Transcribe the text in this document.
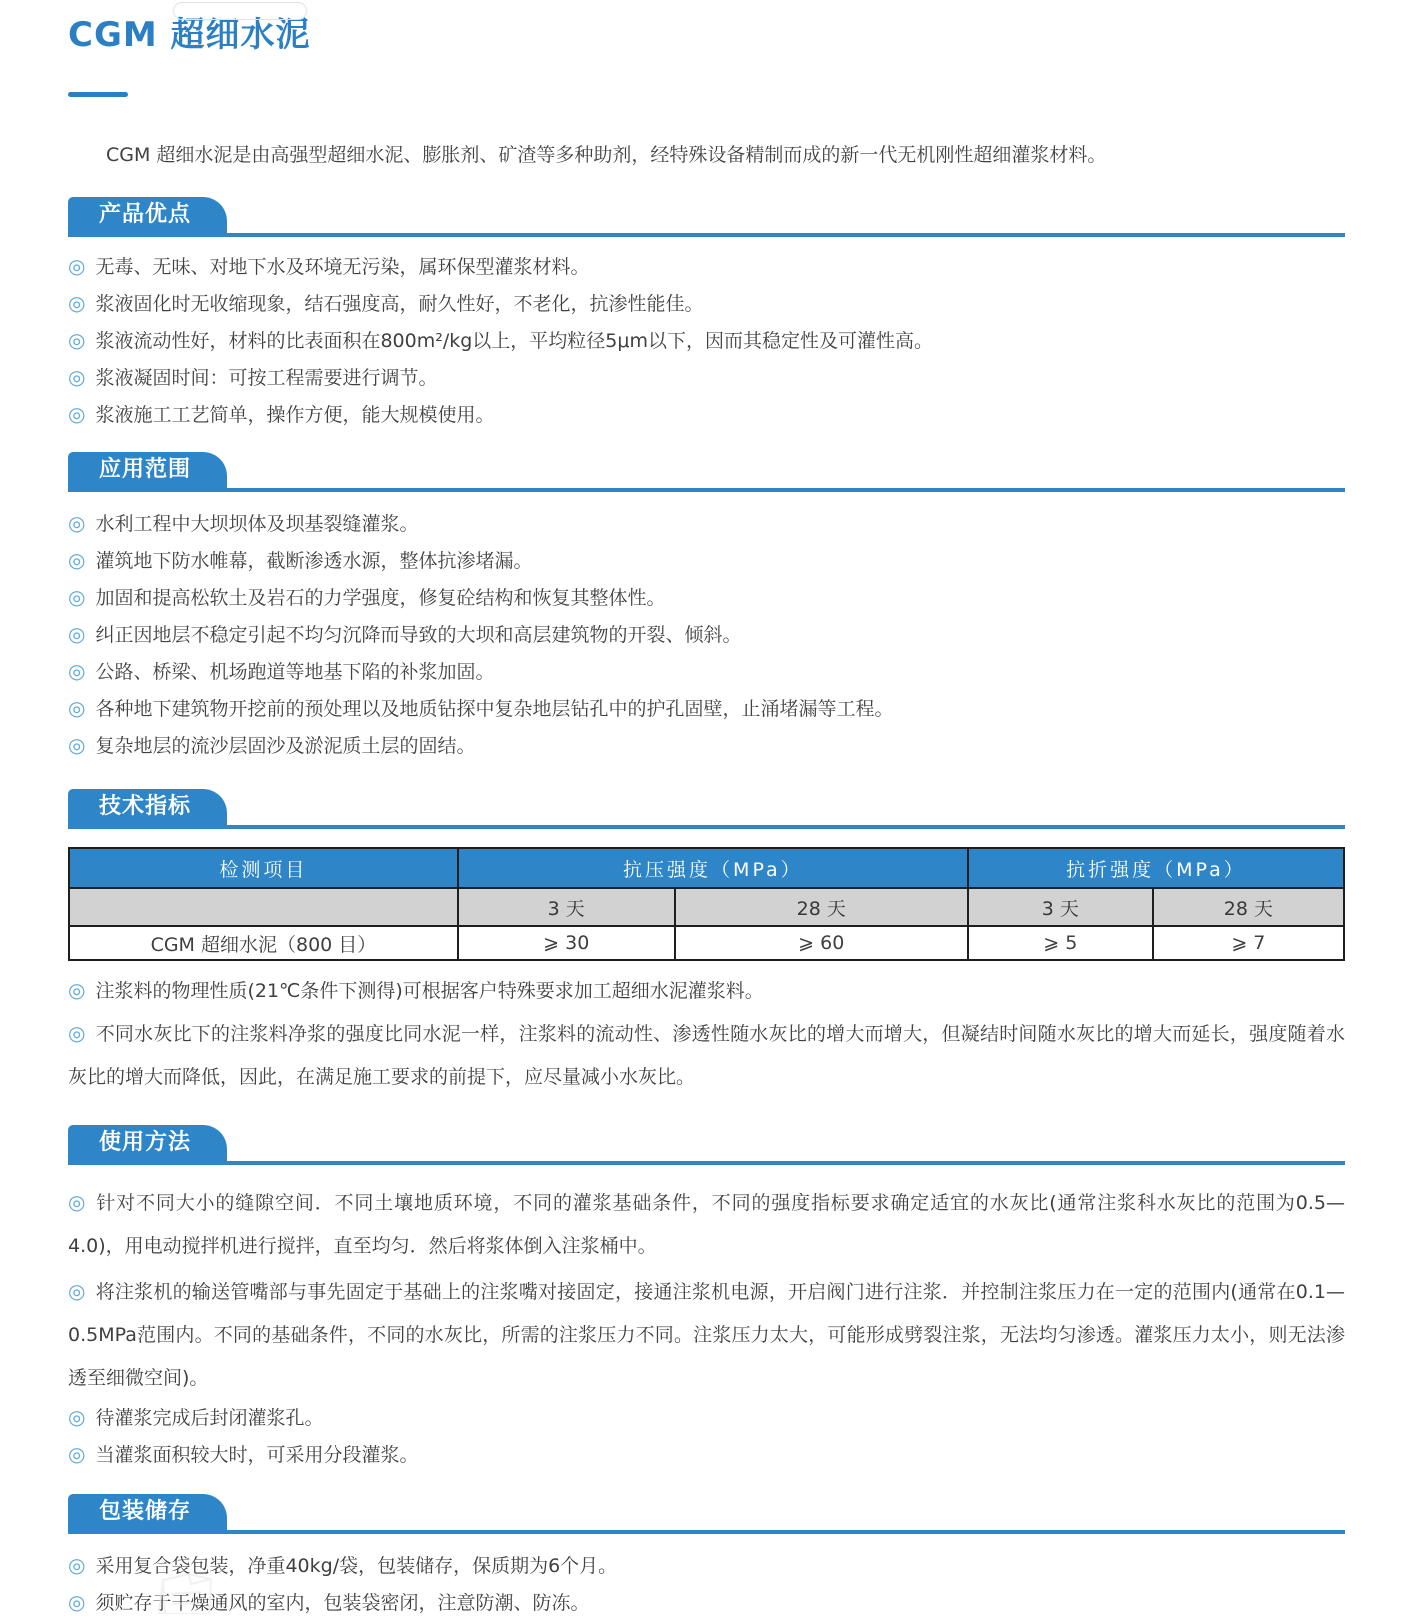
CGM 超细水泥
CGM 超细水泥是由高强型超细水泥、膨胀剂、矿渣等多种助剂，经特殊设备精制而成的新一代无机刚性超细灌浆材料。
产品优点
◎ 无毒、无味、对地下水及环境无污染，属环保型灌浆材料。
◎ 浆液固化时无收缩现象，结石强度高，耐久性好，不老化，抗渗性能佳。
◎ 浆液流动性好，材料的比表面积在800m²/kg以上，平均粒径5μm以下，因而其稳定性及可灌性高。
◎ 浆液凝固时间：可按工程需要进行调节。
◎ 浆液施工工艺简单，操作方便，能大规模使用。
应用范围
◎ 水利工程中大坝坝体及坝基裂缝灌浆。
◎ 灌筑地下防水帷幕，截断渗透水源，整体抗渗堵漏。
◎ 加固和提高松软土及岩石的力学强度，修复砼结构和恢复其整体性。
◎ 纠正因地层不稳定引起不均匀沉降而导致的大坝和高层建筑物的开裂、倾斜。
◎ 公路、桥梁、机场跑道等地基下陷的补浆加固。
◎ 各种地下建筑物开挖前的预处理以及地质钻探中复杂地层钻孔中的护孔固壁，止涌堵漏等工程。
◎ 复杂地层的流沙层固沙及淤泥质土层的固结。
技术指标
检测项目	抗压强度（MPa）		抗折强度（MPa）	
	3 天	28 天	3 天	28 天
CGM 超细水泥（800 目）	⩾ 30	⩾ 60	⩾ 5	⩾ 7
◎ 注浆料的物理性质(21℃条件下测得)可根据客户特殊要求加工超细水泥灌浆料。
◎ 不同水灰比下的注浆料净浆的强度比同水泥一样，注浆料的流动性、渗透性随水灰比的增大而增大，但凝结时间随水灰比的增大而延长，强度随着水灰比的增大而降低，因此，在满足施工要求的前提下，应尽量减小水灰比。
使用方法
◎ 针对不同大小的缝隙空间．不同土壤地质环境，不同的灌浆基础条件，不同的强度指标要求确定适宜的水灰比(通常注浆科水灰比的范围为0.5—4.0)，用电动搅拌机进行搅拌，直至均匀．然后将浆体倒入注浆桶中。
◎ 将注浆机的输送管嘴部与事先固定于基础上的注浆嘴对接固定，接通注浆机电源，开启阀门进行注浆．并控制注浆压力在一定的范围内(通常在0.1—0.5MPa范围内。不同的基础条件，不同的水灰比，所需的注浆压力不同。注浆压力太大，可能形成劈裂注浆，无法均匀渗透。灌浆压力太小，则无法渗透至细微空间)。
◎ 待灌浆完成后封闭灌浆孔。
◎ 当灌浆面积较大时，可采用分段灌浆。
包装储存
◎ 采用复合袋包装，净重40kg/袋，包装储存，保质期为6个月。
◎ 须贮存于干燥通风的室内，包装袋密闭，注意防潮、防冻。
